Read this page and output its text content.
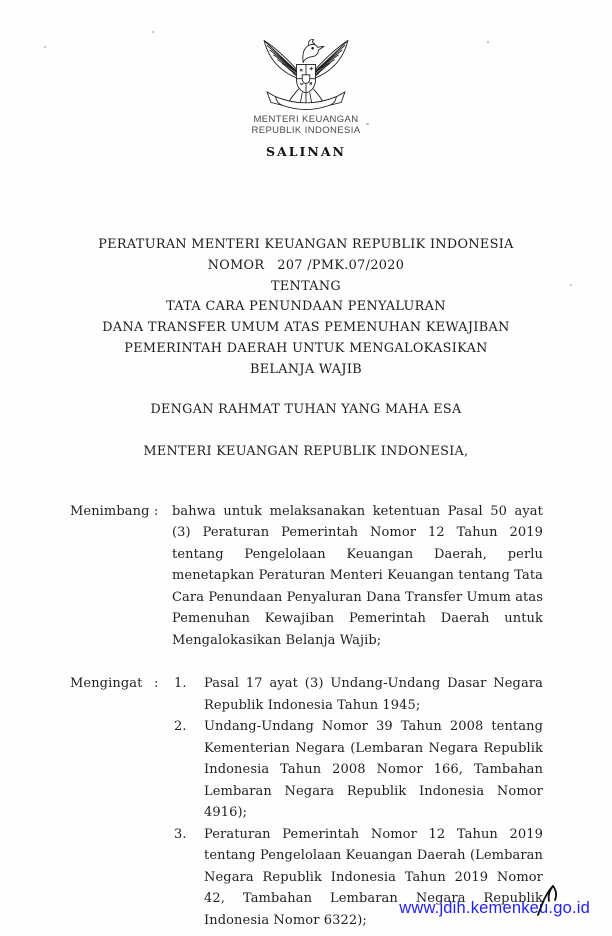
MENTERI KEUANGAN
REPUBLIK INDONESIA
SALINAN
PERATURAN MENTERI KEUANGAN REPUBLIK INDONESIA
NOMOR 207 /PMK.07/2020
TENTANG
TATA CARA PENUNDAAN PENYALURAN
DANA TRANSFER UMUM ATAS PEMENUHAN KEWAJIBAN
PEMERINTAH DAERAH UNTUK MENGALOKASIKAN
BELANJA WAJIB
DENGAN RAHMAT TUHAN YANG MAHA ESA
MENTERI KEUANGAN REPUBLIK INDONESIA,
Menimbang :	bahwa untuk melaksanakan ketentuan Pasal 50 ayat (3) Peraturan Pemerintah Nomor 12 Tahun 2019 tentang Pengelolaan Keuangan Daerah, perlu menetapkan Peraturan Menteri Keuangan tentang Tata Cara Penundaan Penyaluran Dana Transfer Umum atas Pemenuhan Kewajiban Pemerintah Daerah untuk Mengalokasikan Belanja Wajib;
Mengingat :	1.	Pasal 17 ayat (3) Undang-Undang Dasar Negara Republik Indonesia Tahun 1945;
2.	Undang-Undang Nomor 39 Tahun 2008 tentang Kementerian Negara (Lembaran Negara Republik Indonesia Tahun 2008 Nomor 166, Tambahan Lembaran Negara Republik Indonesia Nomor 4916);
3.	Peraturan Pemerintah Nomor 12 Tahun 2019 tentang Pengelolaan Keuangan Daerah (Lembaran Negara Republik Indonesia Tahun 2019 Nomor 42, Tambahan Lembaran Negara Republik Indonesia Nomor 6322);
www.jdih.kemenkeu.go.id
